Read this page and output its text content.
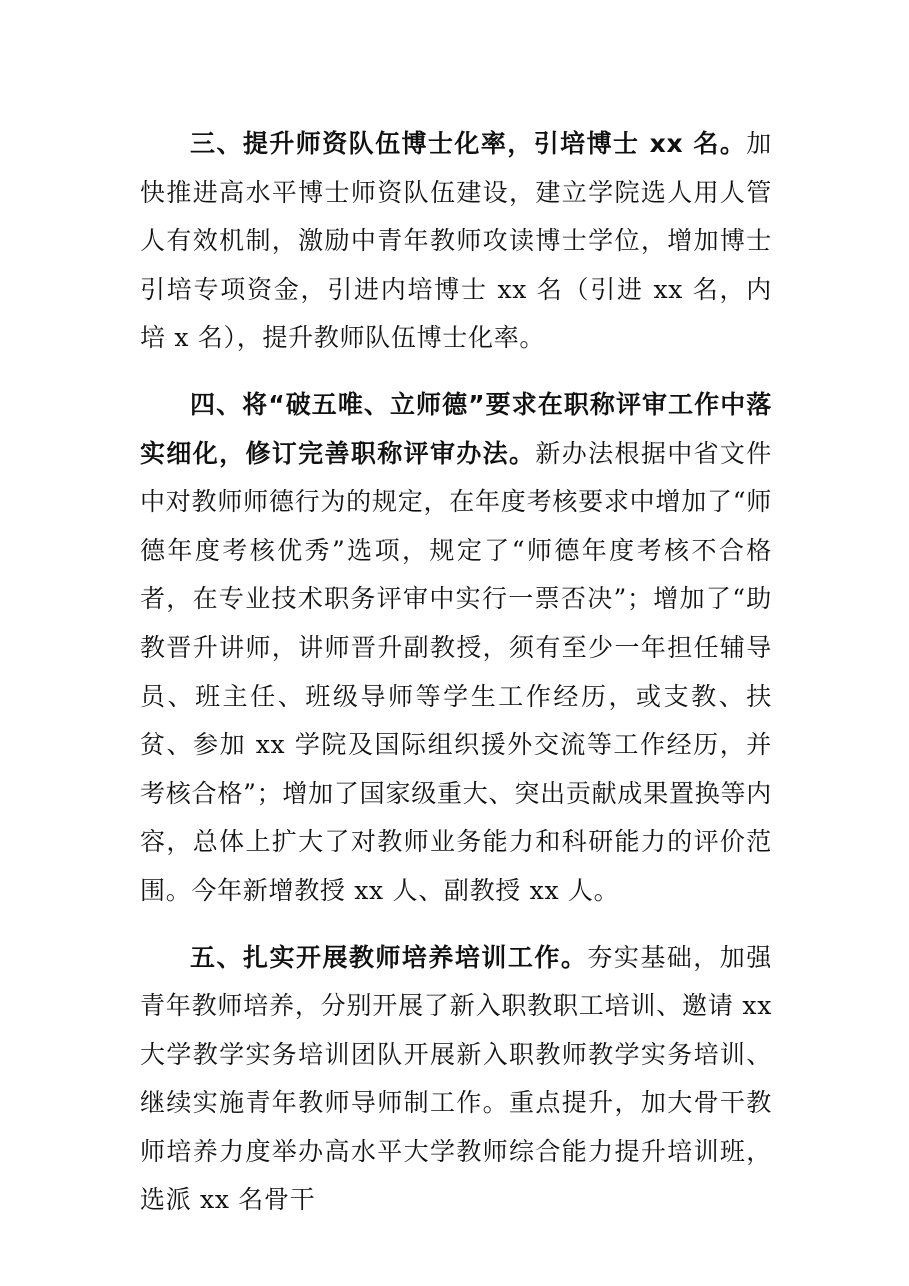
三、提升师资队伍博士化率，引培博士 xx 名。加快推进高水平博士师资队伍建设，建立学院选人用人管人有效机制，激励中青年教师攻读博士学位，增加博士引培专项资金，引进内培博士 xx 名（引进 xx 名，内培 x 名），提升教师队伍博士化率。

四、将“破五唯、立师德”要求在职称评审工作中落实细化，修订完善职称评审办法。新办法根据中省文件中对教师师德行为的规定，在年度考核要求中增加了“师德年度考核优秀”选项，规定了“师德年度考核不合格者，在专业技术职务评审中实行一票否决”；增加了“助教晋升讲师，讲师晋升副教授，须有至少一年担任辅导员、班主任、班级导师等学生工作经历，或支教、扶贫、参加 xx 学院及国际组织援外交流等工作经历，并考核合格”；增加了国家级重大、突出贡献成果置换等内容，总体上扩大了对教师业务能力和科研能力的评价范围。今年新增教授 xx 人、副教授 xx 人。

五、扎实开展教师培养培训工作。夯实基础，加强青年教师培养，分别开展了新入职教职工培训、邀请 xx 大学教学实务培训团队开展新入职教师教学实务培训、继续实施青年教师导师制工作。重点提升，加大骨干教师培养力度举办高水平大学教师综合能力提升培训班，选派 xx 名骨干
